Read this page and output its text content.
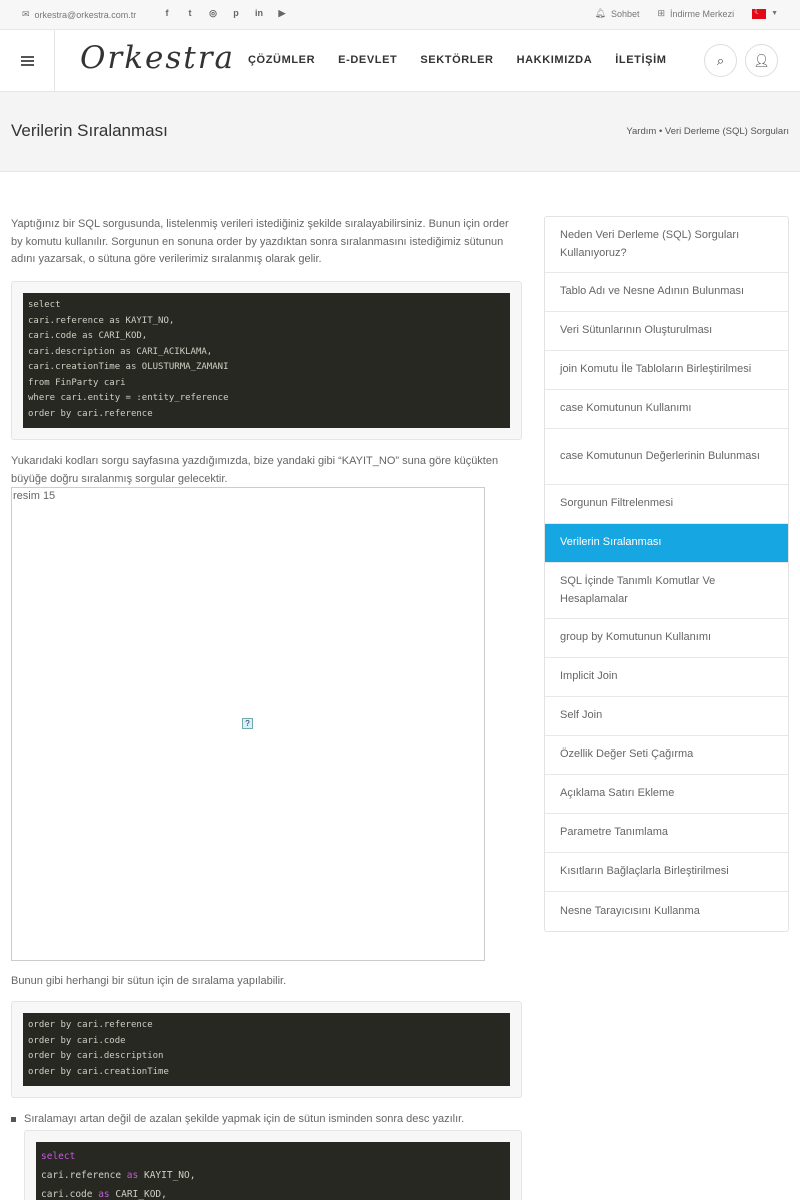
✉ orkestra@orkestra.com.tr	f	t	◎ p in ▶	🔔︎ Sohbet ⊞ İndirme Merkezi
☾	▼
Orkestra ÇÖZÜMLER E-DEVLET SEKTÖRLER HAKKIMIZDA İLETİŞİM	⌕ 👤︎
Verilerin Sıralanması	Yardım • Veri Derleme (SQL) Sorguları

Yaptığınız bir SQL sorgusunda, listelenmiş verileri istediğiniz şekilde sıralayabilirsiniz. Bunun için order by komutu kullanılır. Sorgunun en sonuna order by yazdıktan sonra sıralanmasını istediğimiz sütunun adını yazarsak, o sütuna göre verilerimiz sıralanmış olarak gelir.

select
cari.reference as KAYIT_NO,
cari.code as CARI_KOD,
cari.description as CARI_ACIKLAMA,
cari.creationTime as OLUSTURMA_ZAMANI
from FinParty cari
where cari.entity = :entity_reference
order by cari.reference

Yukarıdaki kodları sorgu sayfasına yazdığımızda, bize yandaki gibi “KAYIT_NO” suna göre küçükten büyüğe doğru sıralanmış sorgular gelecektir.

resim 15
?

Bunun gibi herhangi bir sütun için de sıralama yapılabilir.

order by cari.reference
order by cari.code
order by cari.description
order by cari.creationTime
Sıralamayı artan değil de azalan şekilde yapmak için de sütun isminden sonra desc yazılır.
select
cari.reference as KAYIT_NO,
cari.code as CARI_KOD,
Neden Veri Derleme (SQL) Sorguları Kullanıyoruz?
Tablo Adı ve Nesne Adının Bulunması
Veri Sütunlarının Oluşturulması
join Komutu İle Tabloların Birleştirilmesi
case Komutunun Kullanımı
case Komutunun Değerlerinin Bulunması
Sorgunun Filtrelenmesi
Verilerin Sıralanması
SQL İçinde Tanımlı Komutlar Ve Hesaplamalar
group by Komutunun Kullanımı
Implicit Join
Self Join
Özellik Değer Seti Çağırma
Açıklama Satırı Ekleme
Parametre Tanımlama
Kısıtların Bağlaçlarla Birleştirilmesi
Nesne Tarayıcısını Kullanma
